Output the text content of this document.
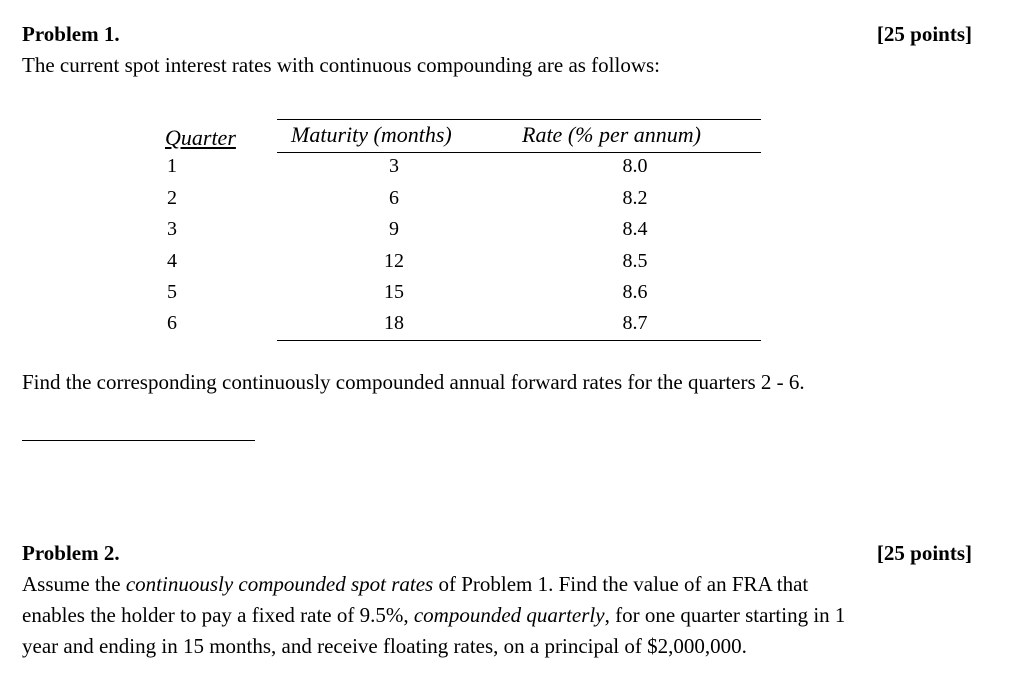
Problem 1.	[25 points]
The current spot interest rates with continuous compounding are as follows:
Quarter	Maturity (months)	Rate (% per annum)
1	3	8.0
2	6	8.2
3	9	8.4
4	12	8.5
5	15	8.6
6	18	8.7
Find the corresponding continuously compounded annual forward rates for the quarters 2 - 6.
Problem 2.	[25 points]
Assume the continuously compounded spot rates of Problem 1. Find the value of an FRA that
enables the holder to pay a fixed rate of 9.5%, compounded quarterly, for one quarter starting in 1
year and ending in 15 months, and receive floating rates, on a principal of $2,000,000.
